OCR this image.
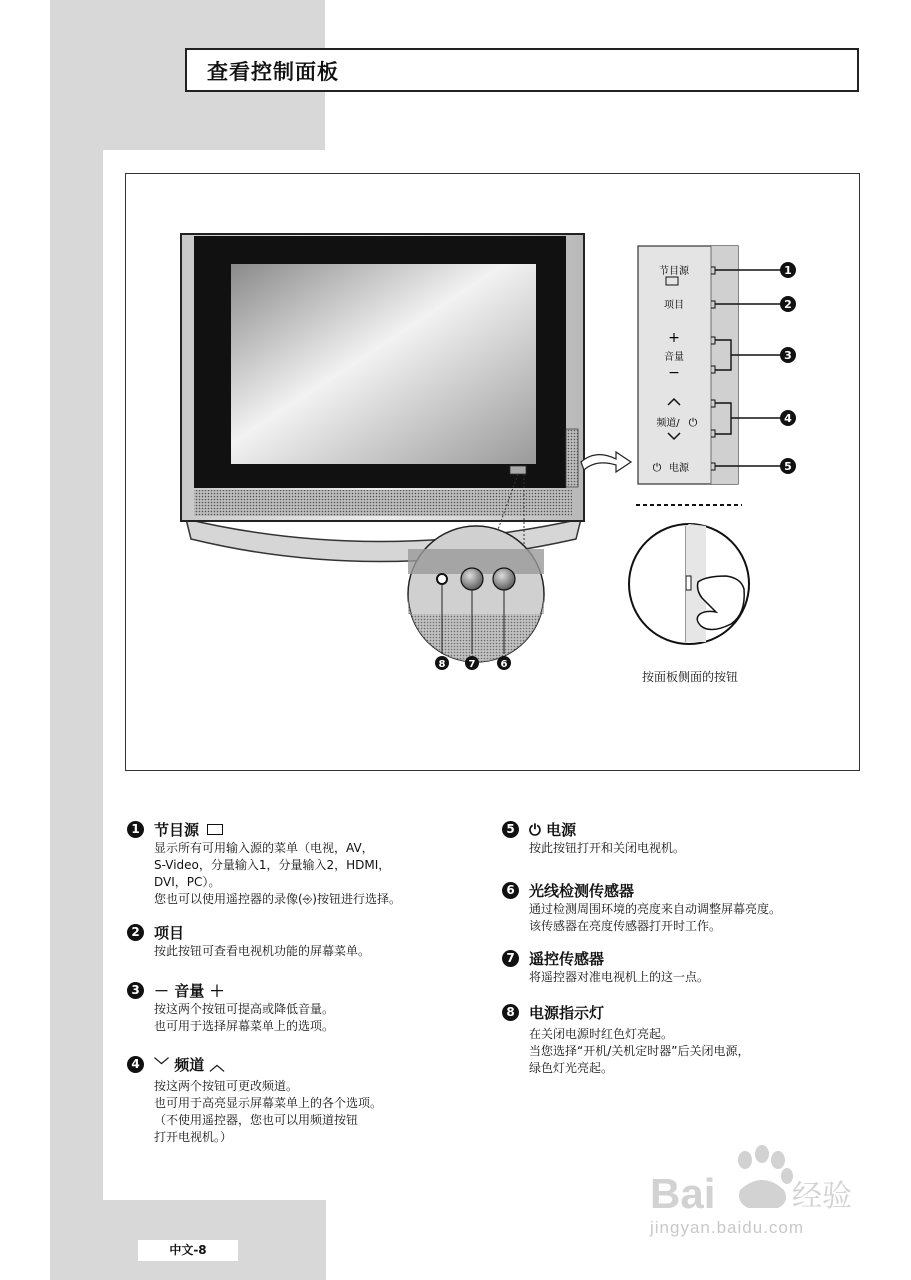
查看控制面板
8 7	6
节目源
项目
+
音量
−
频道/ ⏻
⏻ 电源
1
2
3
4
5
按面板侧面的按钮
1 节目源
显示所有可用输入源的菜单（电视，AV，
S-Video，分量输入1，分量输入2，HDMI，
DVI，PC）。
您也可以使用遥控器的录像(⎆)按钮进行选择。
2 项目
按此按钮可查看电视机功能的屏幕菜单。
3 － 音量 ＋
按这两个按钮可提高或降低音量。
也可用于选择屏幕菜单上的选项。
4 ﹀ 频道 ︿
按这两个按钮可更改频道。
也可用于高亮显示屏幕菜单上的各个选项。
（不使用遥控器，您也可以用频道按钮
打开电视机。）
5 ⏻ 电源
按此按钮打开和关闭电视机。
6 光线检测传感器
通过检测周围环境的亮度来自动调整屏幕亮度。
该传感器在亮度传感器打开时工作。
7 遥控传感器
将遥控器对准电视机上的这一点。
8 电源指示灯
在关闭电源时红色灯亮起。
当您选择“开机/关机定时器”后关闭电源，
绿色灯光亮起。
中文-8
Bai	经验
jingyan.baidu.com
